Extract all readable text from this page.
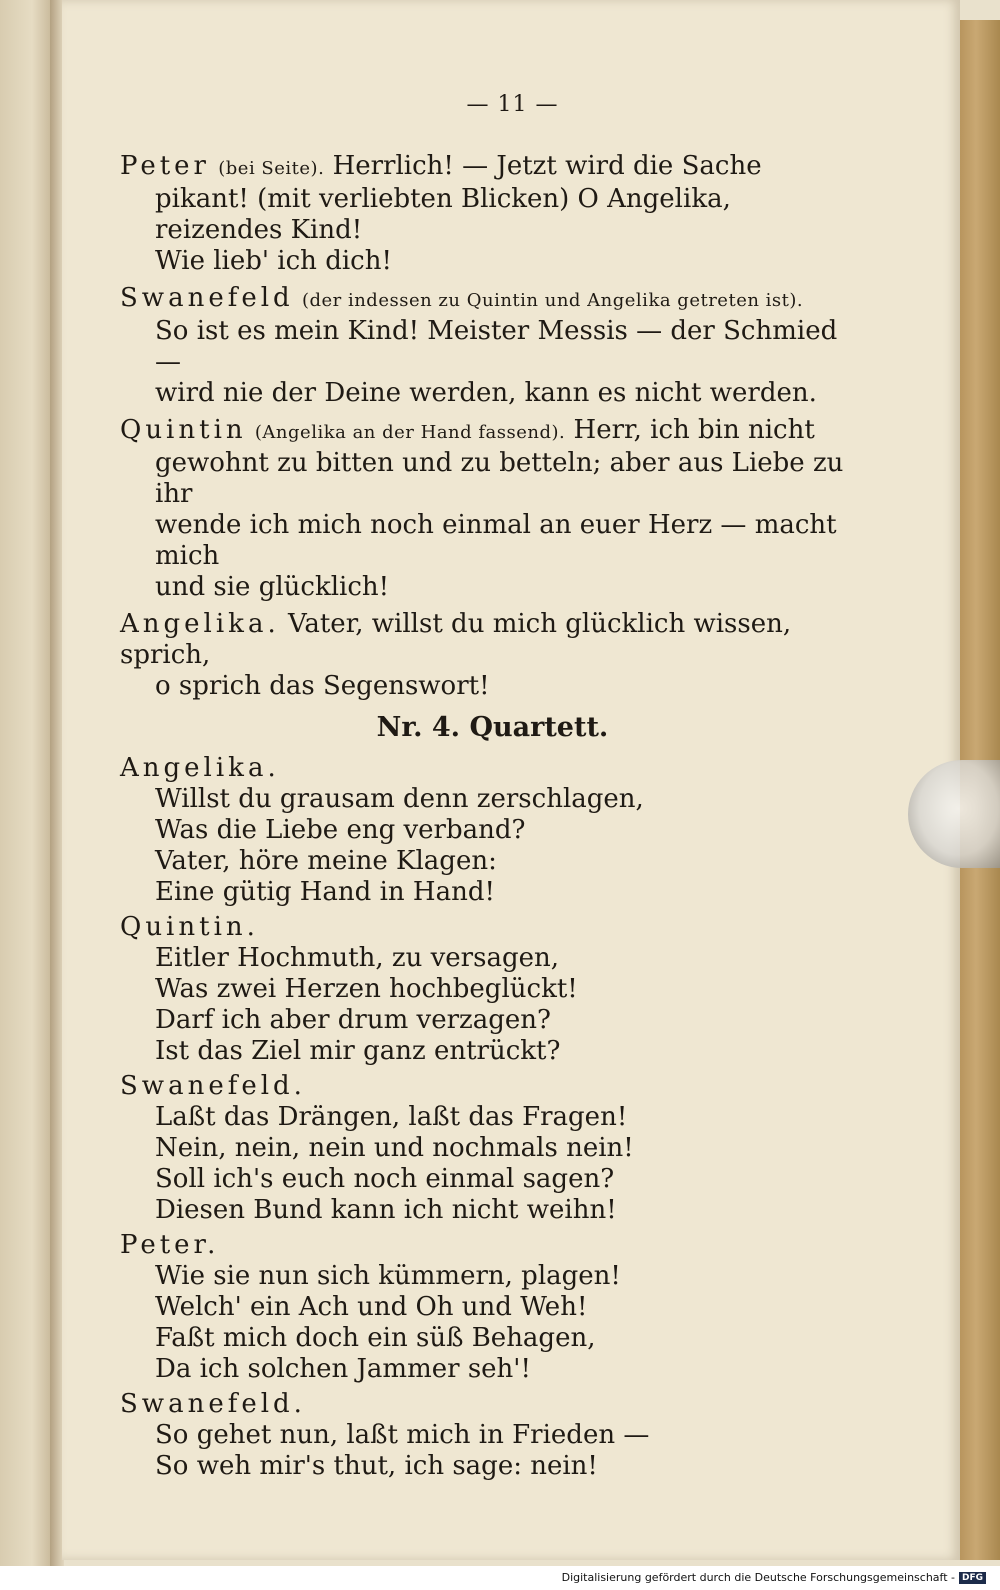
— 11 —
Peter (bei Seite). Herrlich! — Jetzt wird die Sache
pikant! (mit verliebten Blicken) O Angelika, reizendes Kind!
Wie lieb' ich dich!
Swanefeld (der indessen zu Quintin und Angelika getreten ist).
So ist es mein Kind! Meister Messis — der Schmied —
wird nie der Deine werden, kann es nicht werden.
Quintin (Angelika an der Hand fassend). Herr, ich bin nicht
gewohnt zu bitten und zu betteln; aber aus Liebe zu ihr
wende ich mich noch einmal an euer Herz — macht mich
und sie glücklich!
Angelika. Vater, willst du mich glücklich wissen, sprich,
o sprich das Segenswort!
Nr. 4. Quartett.
Angelika.
Willst du grausam denn zerschlagen,
Was die Liebe eng verband?
Vater, höre meine Klagen:
Eine gütig Hand in Hand!
Quintin.
Eitler Hochmuth, zu versagen,
Was zwei Herzen hochbeglückt!
Darf ich aber drum verzagen?
Ist das Ziel mir ganz entrückt?
Swanefeld.
Laßt das Drängen, laßt das Fragen!
Nein, nein, nein und nochmals nein!
Soll ich's euch noch einmal sagen?
Diesen Bund kann ich nicht weihn!
Peter.
Wie sie nun sich kümmern, plagen!
Welch' ein Ach und Oh und Weh!
Faßt mich doch ein süß Behagen,
Da ich solchen Jammer seh'!
Swanefeld.
So gehet nun, laßt mich in Frieden —
So weh mir's thut, ich sage: nein!
Digitalisierung gefördert durch die Deutsche Forschungsgemeinschaft - DFG
